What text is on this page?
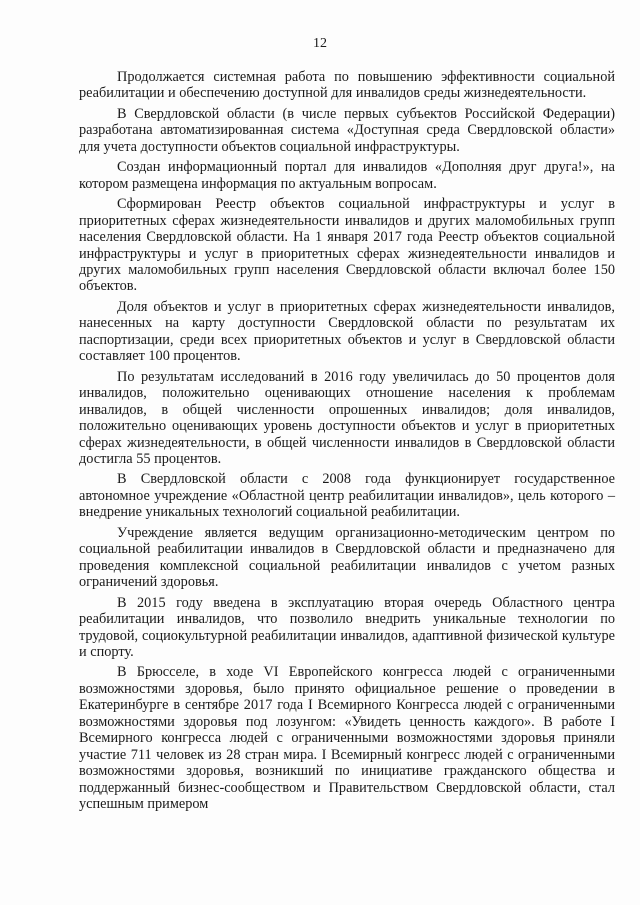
12

Продолжается системная работа по повышению эффективности социальной реабилитации и обеспечению доступной для инвалидов среды жизнедеятельности.

В Свердловской области (в числе первых субъектов Российской Федерации) разработана автоматизированная система «Доступная среда Свердловской области» для учета доступности объектов социальной инфраструктуры.

Создан информационный портал для инвалидов «Дополняя друг друга!», на котором размещена информация по актуальным вопросам.

Сформирован Реестр объектов социальной инфраструктуры и услуг в приоритетных сферах жизнедеятельности инвалидов и других маломобильных групп населения Свердловской области. На 1 января 2017 года Реестр объектов социальной инфраструктуры и услуг в приоритетных сферах жизнедеятельности инвалидов и других маломобильных групп населения Свердловской области включал более 150 объектов.

Доля объектов и услуг в приоритетных сферах жизнедеятельности инвалидов, нанесенных на карту доступности Свердловской области по результатам их паспортизации, среди всех приоритетных объектов и услуг в Свердловской области составляет 100 процентов.

По результатам исследований в 2016 году увеличилась до 50 процентов доля инвалидов, положительно оценивающих отношение населения к проблемам инвалидов, в общей численности опрошенных инвалидов; доля инвалидов, положительно оценивающих уровень доступности объектов и услуг в приоритетных сферах жизнедеятельности, в общей численности инвалидов в Свердловской области достигла 55 процентов.

В Свердловской области с 2008 года функционирует государственное автономное учреждение «Областной центр реабилитации инвалидов», цель которого – внедрение уникальных технологий социальной реабилитации.

Учреждение является ведущим организационно-методическим центром по социальной реабилитации инвалидов в Свердловской области и предназначено для проведения комплексной социальной реабилитации инвалидов с учетом разных ограничений здоровья.

В 2015 году введена в эксплуатацию вторая очередь Областного центра реабилитации инвалидов, что позволило внедрить уникальные технологии по трудовой, социокультурной реабилитации инвалидов, адаптивной физической культуре и спорту.

В Брюсселе, в ходе VI Европейского конгресса людей с ограниченными возможностями здоровья, было принято официальное решение о проведении в Екатеринбурге в сентябре 2017 года I Всемирного Конгресса людей с ограниченными возможностями здоровья под лозунгом: «Увидеть ценность каждого». В работе I Всемирного конгресса людей с ограниченными возможностями здоровья приняли участие 711 человек из 28 стран мира. I Всемирный конгресс людей с ограниченными возможностями здоровья, возникший по инициативе гражданского общества и поддержанный бизнес-сообществом и Правительством Свердловской области, стал успешным примером
